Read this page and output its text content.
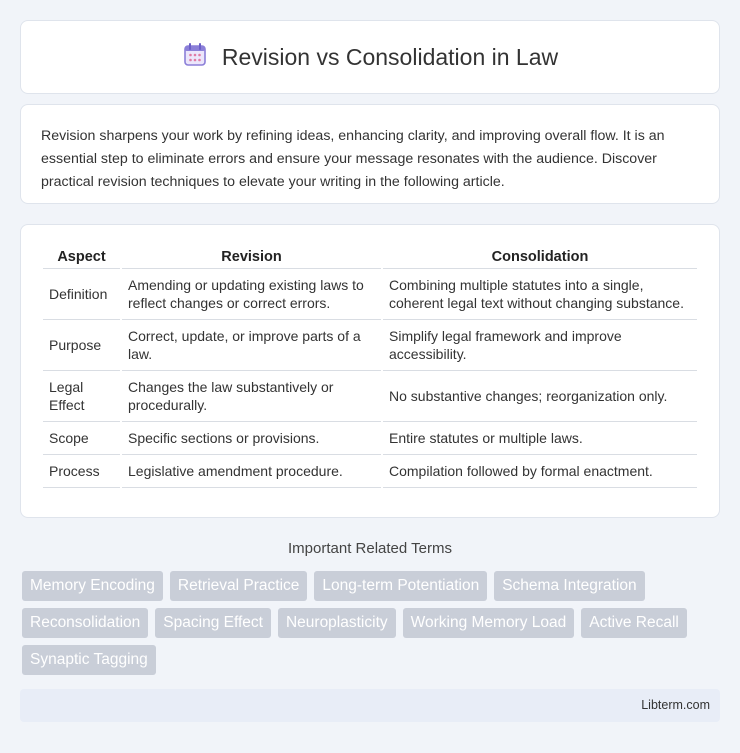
Revision vs Consolidation in Law

Revision sharpens your work by refining ideas, enhancing clarity, and improving overall flow. It is an essential step to eliminate errors and ensure your message resonates with the audience. Discover practical revision techniques to elevate your writing in the following article.

Aspect	Revision	Consolidation
Definition	Amending or updating existing laws to reflect changes or correct errors.	Combining multiple statutes into a single, coherent legal text without changing substance.
Purpose	Correct, update, or improve parts of a law.	Simplify legal framework and improve accessibility.
Legal Effect	Changes the law substantively or procedurally.	No substantive changes; reorganization only.
Scope	Specific sections or provisions.	Entire statutes or multiple laws.
Process	Legislative amendment procedure.	Compilation followed by formal enactment.
Important Related Terms
Memory Encoding	Retrieval Practice	Long-term Potentiation	Schema Integration
Reconsolidation	Spacing Effect	Neuroplasticity	Working Memory Load	Active Recall
Synaptic Tagging
Libterm.com
